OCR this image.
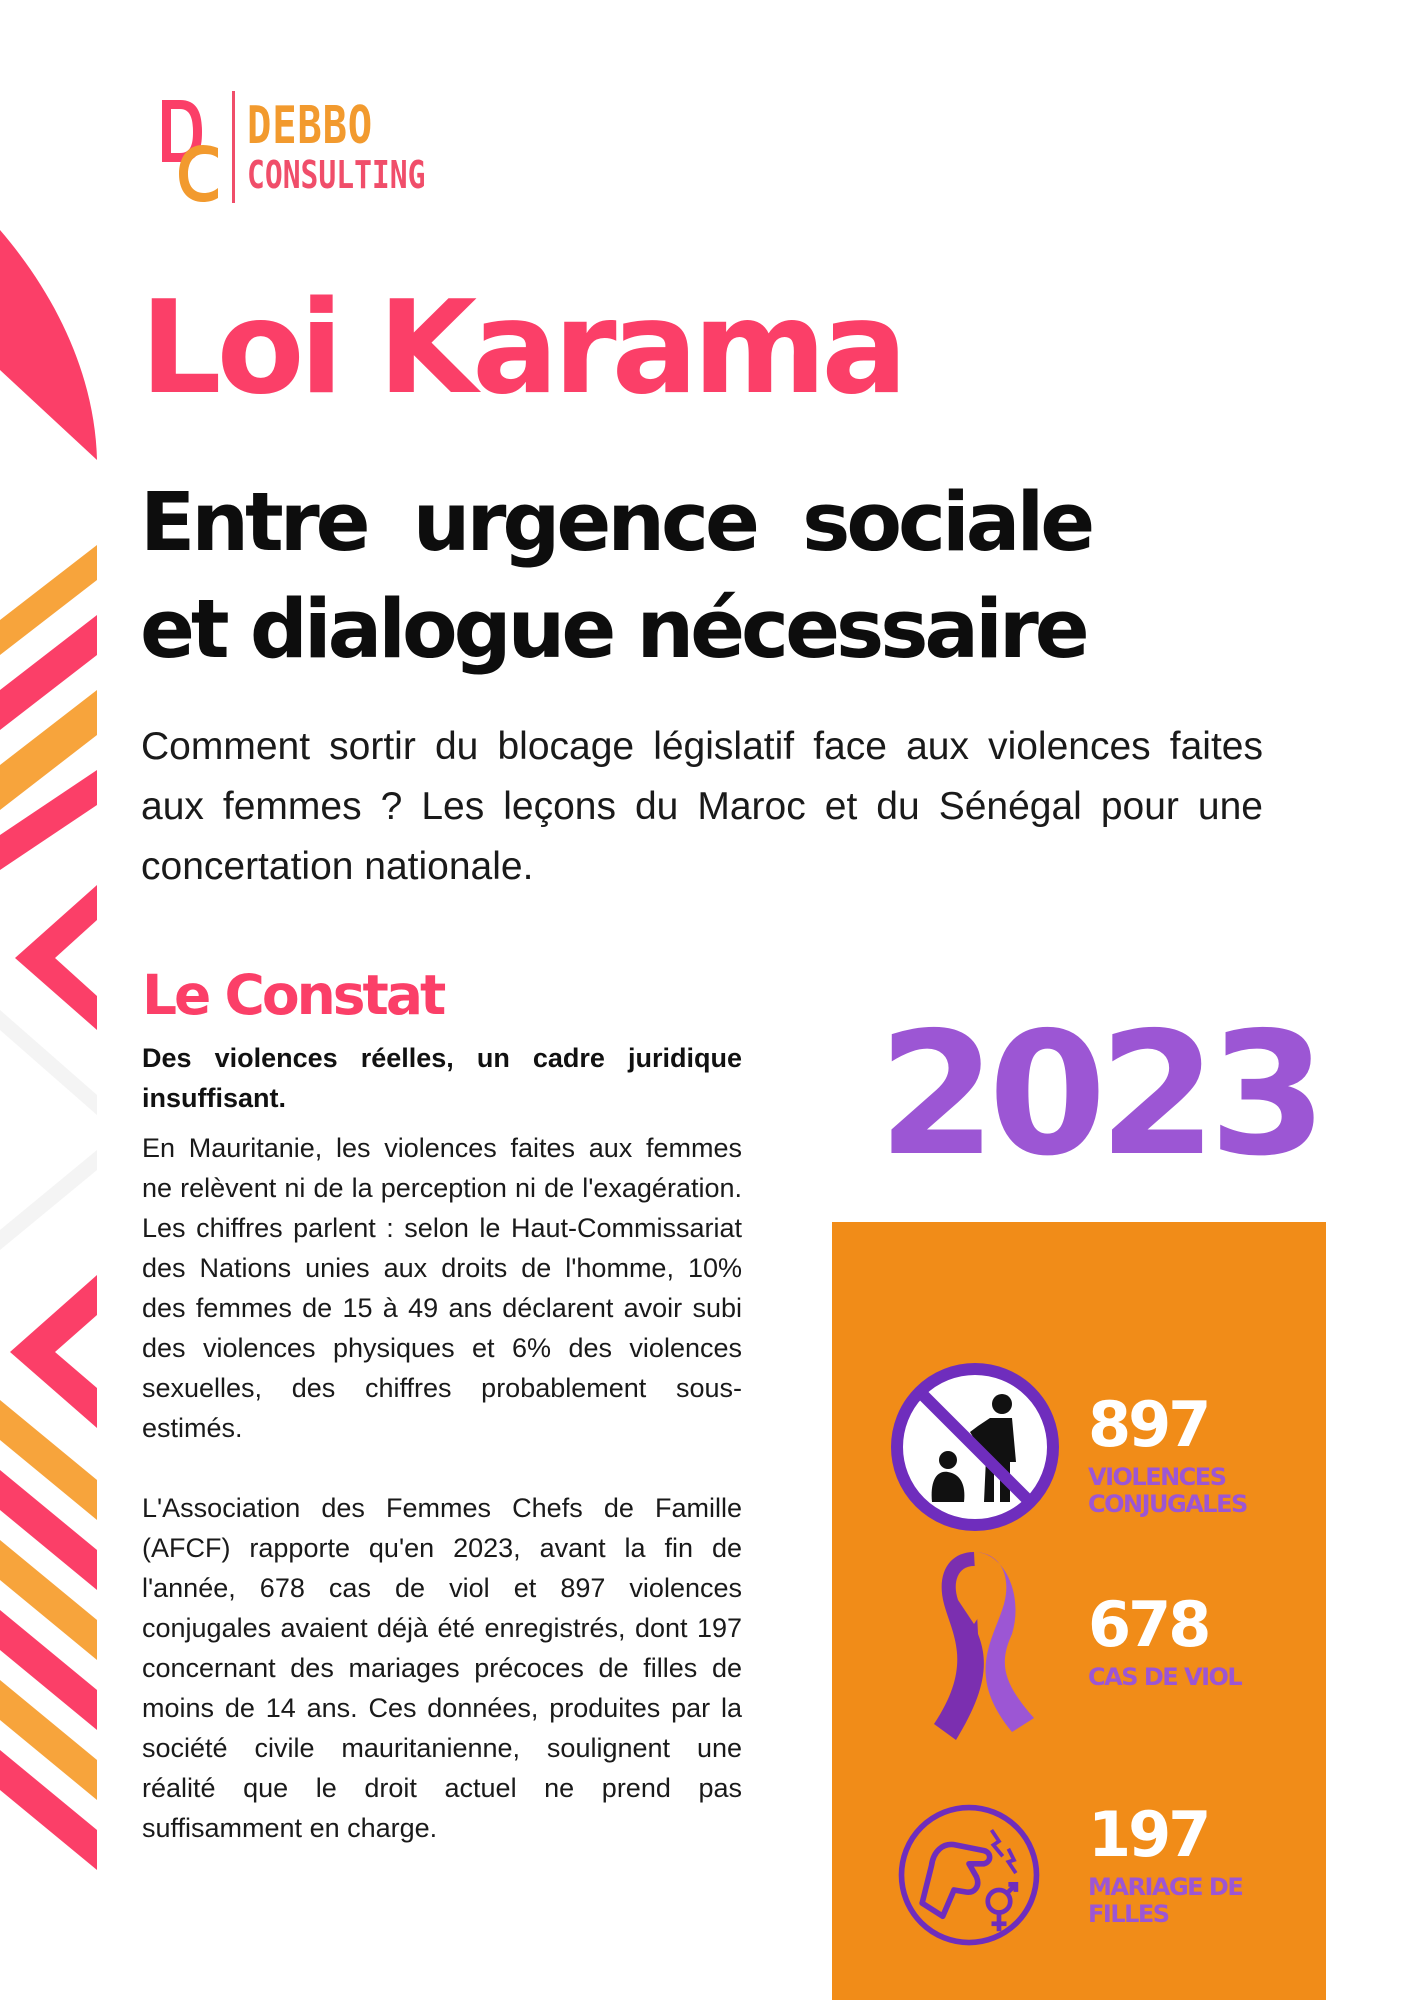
DEBBO
CONSULTING
Loi Karama
Entre urgence sociale
et dialogue nécessaire

Comment sortir du blocage législatif face aux violences faites aux femmes ? Les leçons du Maroc et du Sénégal pour une concertation nationale.

Le Constat

Des violences réelles, un cadre juridique insuffisant.

En Mauritanie, les violences faites aux femmes ne relèvent ni de la perception ni de l'exagération. Les chiffres parlent : selon le Haut-Commissariat des Nations unies aux droits de l'homme, 10% des femmes de 15 à 49 ans déclarent avoir subi des violences physiques et 6% des violences sexuelles, des chiffres probablement sous-estimés.

L'Association des Femmes Chefs de Famille (AFCF) rapporte qu'en 2023, avant la fin de l'année, 678 cas de viol et 897 violences conjugales avaient déjà été enregistrés, dont 197 concernant des mariages précoces de filles de moins de 14 ans. Ces données, produites par la société civile mauritanienne, soulignent une réalité que le droit actuel ne prend pas suffisamment en charge.

2023
897
VIOLENCES CONJUGALES
678
CAS DE VIOL
197
MARIAGE DE FILLES
